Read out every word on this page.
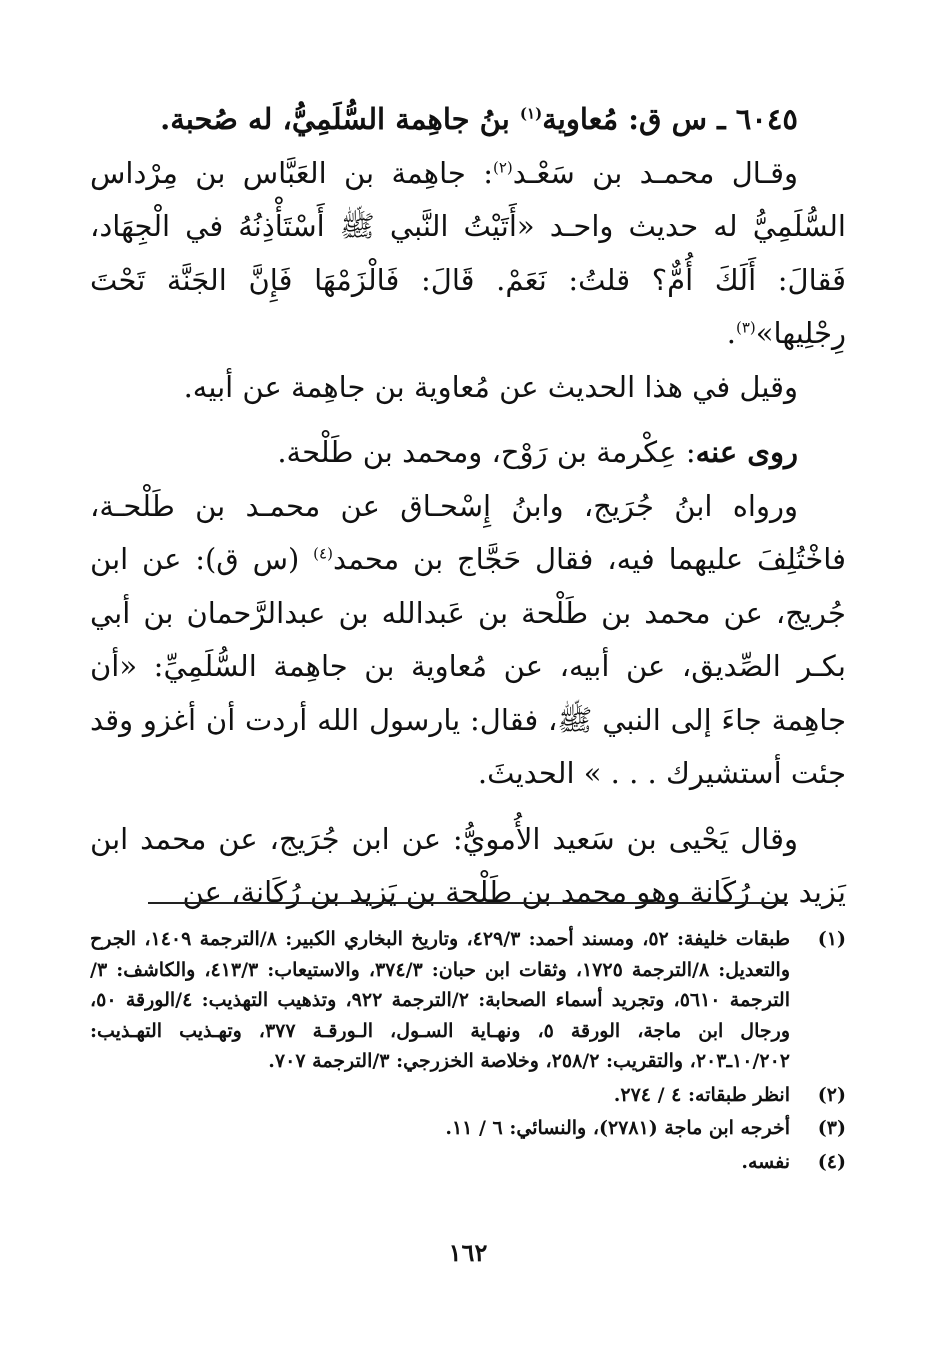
٦٠٤٥ ـ س ق: مُعاوية$^{(١)}$ بنُ جاهِمة السُّلَمِيُّ، له صُحبة.

وقـال محمـد بن سَعْـد$^{(٢)}$: جاهِمة بن العَبَّاس بن مِرْداس السُّلَمِيُّ له حديث واحـد «أَتَيْتُ النَّبي ﷺ أَسْتَأْذِنُهُ في الْجِهَاد، فَقالَ: أَلَكَ أُمٌّ؟ قلتُ: نَعَمْ. قَالَ: فَالْزَمْهَا فَإِنَّ الجَنَّة تَحْتَ رِجْلِيها»$^{(٣)}$.

وقيل في هذا الحديث عن مُعاوية بن جاهِمة عن أبيه.

روى عنه: عِكْرمة بن رَوْح، ومحمد بن طَلْحة.

ورواه ابنُ جُرَيج، وابنُ إِسْحـاق عن محمـد بن طَلْحـة، فاخْتُلِفَ عليهما فيه، فقال حَجَّاج بن محمد$^{(٤)}$ (س ق): عن ابن جُريج، عن محمد بن طَلْحة بن عَبدالله بن عبدالرَّحمان بن أبي بكـر الصِّديق، عن أبيه، عن مُعاوية بن جاهِمة السُّلَمِيِّ: «أن جاهِمة جاءَ إلى النبي ﷺ، فقال: يارسول الله أردت أن أغزو وقد جئت أستشيرك . . . » الحديثَ.

وقال يَحْيى بن سَعيد الأُمويُّ: عن ابن جُرَيج، عن محمد ابن يَزيد بن رُكَانة وهو محمد بن طَلْحة بن يَزيد بن رُكَانة، عن

(١)
طبقات خليفة: ٥٢، ومسند أحمد: ٤٢٩/٣، وتاريخ البخاري الكبير: ٨/الترجمة ١٤٠٩، الجرح والتعديل: ٨/الترجمة ١٧٢٥، وثقات ابن حبان: ٣٧٤/٣، والاستيعاب: ٤١٣/٣، والكاشف: ٣/الترجمة ٥٦١٠، وتجريد أسماء الصحابة: ٢/الترجمة ٩٢٢، وتذهيب التهذيب: ٤/الورقة ٥٠، ورجال ابن ماجة، الورقة ٥، ونهـاية السـول، الـورقـة ٣٧٧، وتهـذيب التهـذيب: ١٠/٢٠٢ـ٢٠٣، والتقريب: ٢٥٨/٢، وخلاصة الخزرجي: ٣/الترجمة ٧٠٧.
(٢)
انظر طبقاته: ٤ / ٢٧٤.
(٣)
أخرجه ابن ماجة (٢٧٨١)، والنسائي: ٦ / ١١.
(٤)
نفسه.
١٦٢
